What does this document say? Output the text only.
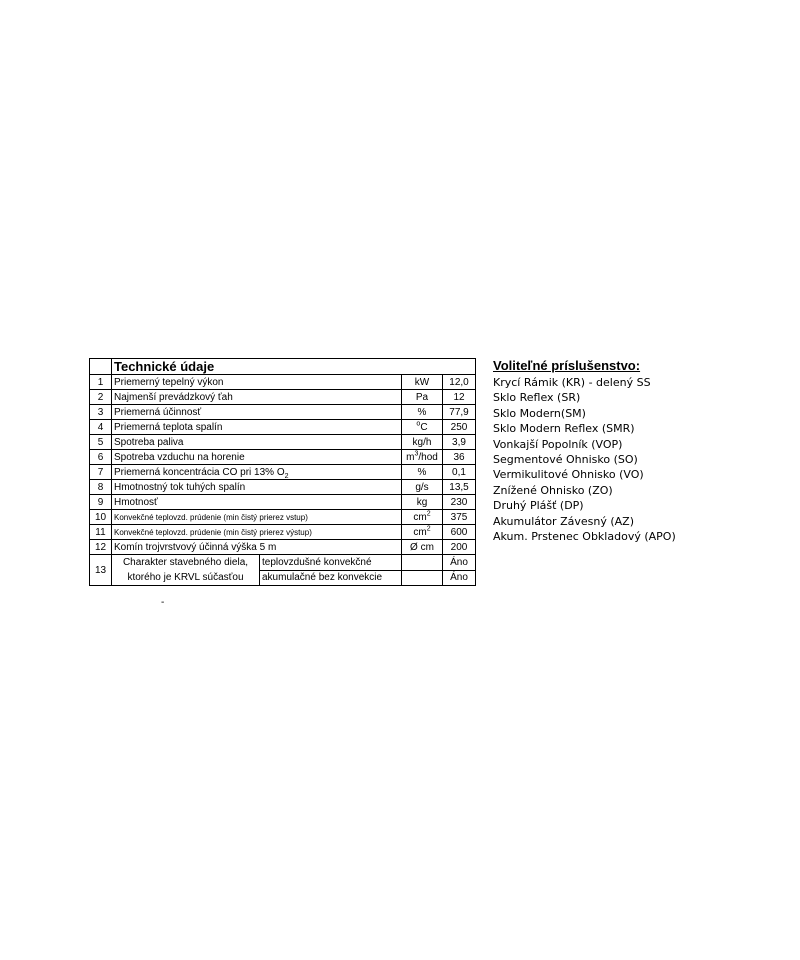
	Technické údaje			
1	Priemerný tepelný výkon		kW	12,0
2	Najmenší prevádzkový ťah		Pa	12
3	Priemerná účinnosť		%	77,9
4	Priemerná teplota spalín		$^o$C	250
5	Spotreba paliva		kg/h	3,9
6	Spotreba vzduchu na horenie		$m^3$/hod	36
7	Priemerná koncentrácia CO pri 13% $O_2$		%	0,1
8	Hmotnostný tok tuhých spalín		g/s	13,5
9	Hmotnosť		kg	230
10	Konvekčné teplovzd. prúdenie (min čistý prierez vstup)		$cm^2$	375
11	Konvekčné teplovzd. prúdenie (min čistý prierez výstup)		$cm^2$	600
12	Komín trojvrstvový účinná výška 5 m		Ø cm	200
13	Charakter stavebného diela,	teplovzdušné konvekčné		Áno
	ktorého je KRVL súčasťou	akumulačné bez konvekcie		Áno
Voliteľné príslušenstvo:
Krycí Rámik (KR) - delený SS
Sklo Reflex (SR)
Sklo Modern(SM)
Sklo Modern Reflex (SMR)
Vonkajší Popolník (VOP)
Segmentové Ohnisko (SO)
Vermikulitové Ohnisko (VO)
Znížené Ohnisko (ZO)
Druhý Plášť (DP)
Akumulátor Závesný (AZ)
Akum. Prstenec Obkladový (APO)
-
